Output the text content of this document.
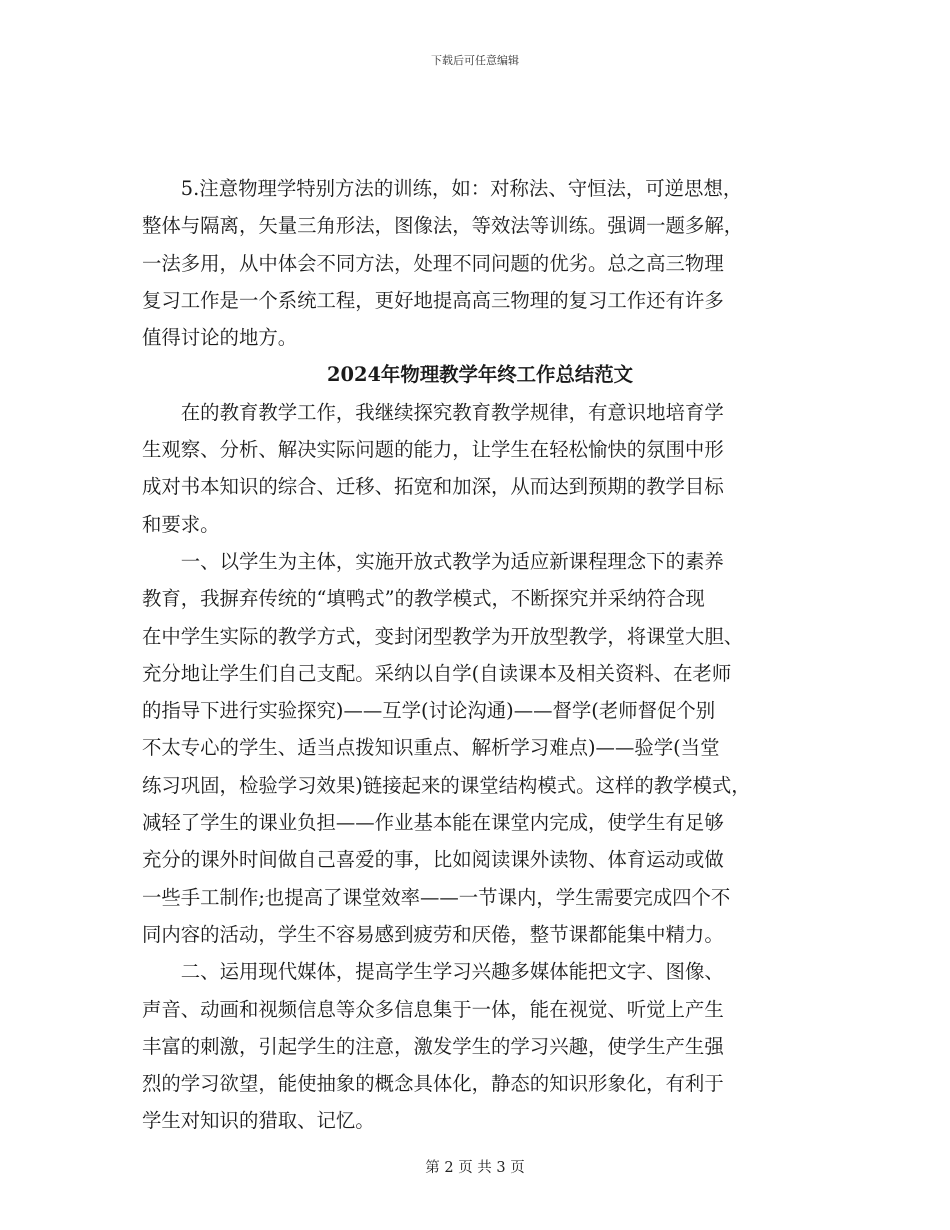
下载后可任意编辑

5.注意物理学特别方法的训练，如：对称法、守恒法，可逆思想，
整体与隔离，矢量三角形法，图像法，等效法等训练。强调一题多解，
一法多用，从中体会不同方法，处理不同问题的优劣。总之高三物理
复习工作是一个系统工程，更好地提高高三物理的复习工作还有许多
值得讨论的地方。

2024年物理教学年终工作总结范文

在的教育教学工作，我继续探究教育教学规律，有意识地培育学
生观察、分析、解决实际问题的能力，让学生在轻松愉快的氛围中形
成对书本知识的综合、迁移、拓宽和加深，从而达到预期的教学目标
和要求。

一、以学生为主体，实施开放式教学为适应新课程理念下的素养
教育，我摒弃传统的“填鸭式”的教学模式，不断探究并采纳符合现
在中学生实际的教学方式，变封闭型教学为开放型教学，将课堂大胆、
充分地让学生们自己支配。采纳以自学(自读课本及相关资料、在老师
的指导下进行实验探究)——互学(讨论沟通)——督学(老师督促个别
不太专心的学生、适当点拨知识重点、解析学习难点)——验学(当堂
练习巩固，检验学习效果)链接起来的课堂结构模式。这样的教学模式，
减轻了学生的课业负担——作业基本能在课堂内完成，使学生有足够
充分的课外时间做自己喜爱的事，比如阅读课外读物、体育运动或做
一些手工制作;也提高了课堂效率——一节课内，学生需要完成四个不
同内容的活动，学生不容易感到疲劳和厌倦，整节课都能集中精力。

二、运用现代媒体，提高学生学习兴趣多媒体能把文字、图像、
声音、动画和视频信息等众多信息集于一体，能在视觉、听觉上产生
丰富的刺激，引起学生的注意，激发学生的学习兴趣，使学生产生强
烈的学习欲望，能使抽象的概念具体化，静态的知识形象化，有利于
学生对知识的猎取、记忆。

第 2 页 共 3 页
